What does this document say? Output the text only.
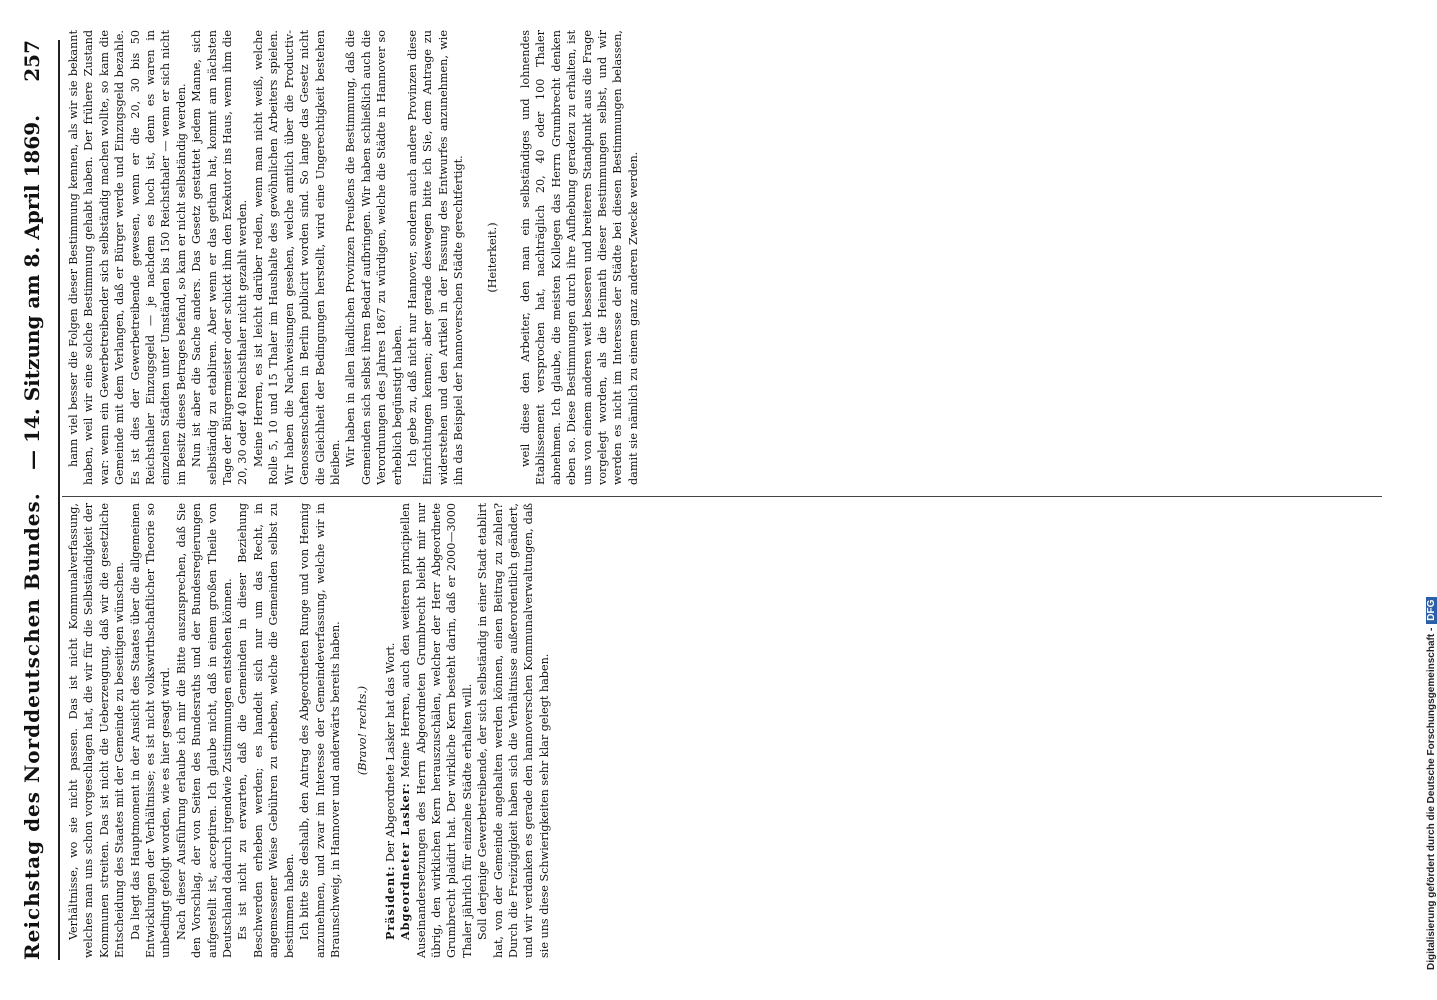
Reichstag des Norddeutschen Bundes.
— 14. Sitzung am 8. April 1869.
257

Verhältnisse, wo sie nicht passen. Das ist nicht Kommunalverfassung, welches man uns schon vorgeschlagen hat, die wir für die Selbständigkeit der Kommunen streiten. Das ist nicht die Ueberzeugung, daß wir die gesetzliche Entscheidung des Staates mit der Gemeinde zu beseitigen wünschen. Da liegt das Hauptmoment in der Ansicht des Staates über die allgemeinen Entwicklungen der Verhältnisse; es ist nicht volkswirthschaftlicher Theorie so unbedingt gefolgt worden, wie es hier gesagt wird. Nach dieser Ausführung erlaube ich mir die Bitte auszusprechen, daß Sie den Vorschlag, der von Seiten des Bundesraths und der Bundesregierungen aufgestellt ist, acceptiren. Ich glaube nicht, daß in einem großen Theile von Deutschland dadurch irgendwie Zustimmungen entstehen können. Es ist nicht zu erwarten, daß die Gemeinden in dieser Beziehung Beschwerden erheben werden; es handelt sich nur um das Recht, in angemessener Weise Gebühren zu erheben, welche die Gemeinden selbst zu bestimmen haben. Ich bitte Sie deshalb, den Antrag des Abgeordneten Runge und von Hennig anzunehmen, und zwar im Interesse der Gemeindeverfassung, welche wir in Braunschweig, in Hannover und anderwärts bereits haben. (Bravo! rechts.)

Präsident: Der Abgeordnete Lasker hat das Wort. Abgeordneter Lasker: Meine Herren, auch den weiteren principiellen Auseinandersetzungen des Herrn Abgeordneten Grumbrecht bleibt mir nur übrig, den wirklichen Kern herauszuschälen, welcher der Herr Abgeordnete Grumbrecht plaidirt hat. Der wirkliche Kern besteht darin, daß er 2000—3000 Thaler jährlich für einzelne Städte erhalten will. Soll derjenige Gewerbetreibende, der sich selbständig in einer Stadt etablirt hat, von der Gemeinde angehalten werden können, einen Beitrag zu zahlen? Durch die Freizügigkeit haben sich die Verhältnisse außerordentlich geändert, und wir verdanken es gerade den hannoverschen Kommunalverwaltungen, daß sie uns diese Schwierigkeiten sehr klar gelegt haben.

hann viel besser die Folgen dieser Bestimmung kennen, als wir sie bekannt haben, weil wir eine solche Bestimmung gehabt haben. Der frühere Zustand war: wenn ein Gewerbetreibender sich selbständig machen wollte, so kam die Gemeinde mit dem Verlangen, daß er Bürger werde und Einzugsgeld bezahle. Es ist dies der Gewerbetreibende gewesen, wenn er die 20, 30 bis 50 Reichsthaler Einzugsgeld — je nachdem es hoch ist, denn es waren in einzelnen Städten unter Umständen bis 150 Reichsthaler — wenn er sich nicht im Besitz dieses Betrages befand, so kam er nicht selbständig werden. Nun ist aber die Sache anders. Das Gesetz gestattet jedem Manne, sich selbständig zu etabliren. Aber wenn er das gethan hat, kommt am nächsten Tage der Bürgermeister oder schickt ihm den Exekutor ins Haus, wenn ihm die 20, 30 oder 40 Reichsthaler nicht gezahlt werden. Meine Herren, es ist leicht darüber reden, wenn man nicht weiß, welche Rolle 5, 10 und 15 Thaler im Haushalte des gewöhnlichen Arbeiters spielen. Wir haben die Nachweisungen gesehen, welche amtlich über die Productiv-Genossenschaften in Berlin publicirt worden sind. So lange das Gesetz nicht die Gleichheit der Bedingungen herstellt, wird eine Ungerechtigkeit bestehen bleiben. Wir haben in allen ländlichen Provinzen Preußens die Bestimmung, daß die Gemeinden sich selbst ihren Bedarf aufbringen. Wir haben schließlich auch die Verordnungen des Jahres 1867 zu würdigen, welche die Städte in Hannover so erheblich begünstigt haben. Ich gebe zu, daß nicht nur Hannover, sondern auch andere Provinzen diese Einrichtungen kennen; aber gerade deswegen bitte ich Sie, dem Antrage zu widerstehen und den Artikel in der Fassung des Entwurfes anzunehmen, wie ihn das Beispiel der hannoverschen Städte gerechtfertigt. (Heiterkeit.) weil diese den Arbeiter, den man ein selbständiges und lohnendes Etablissement versprochen hat, nachträglich 20, 40 oder 100 Thaler abnehmen. Ich glaube, die meisten Kollegen das Herrn Grumbrecht denken eben so. Diese Bestimmungen durch ihre Aufhebung geradezu zu erhalten, ist uns von einem anderen weit besseren und breiteren Standpunkt aus die Frage vorgelegt worden, als die Heimath dieser Bestimmungen selbst, und wir werden es nicht im Interesse der Städte bei diesen Bestimmungen belassen, damit sie nämlich zu einem ganz anderen Zwecke werden.

Digitalisierung gefördert durch die Deutsche Forschungsgemeinschaft -DFG
